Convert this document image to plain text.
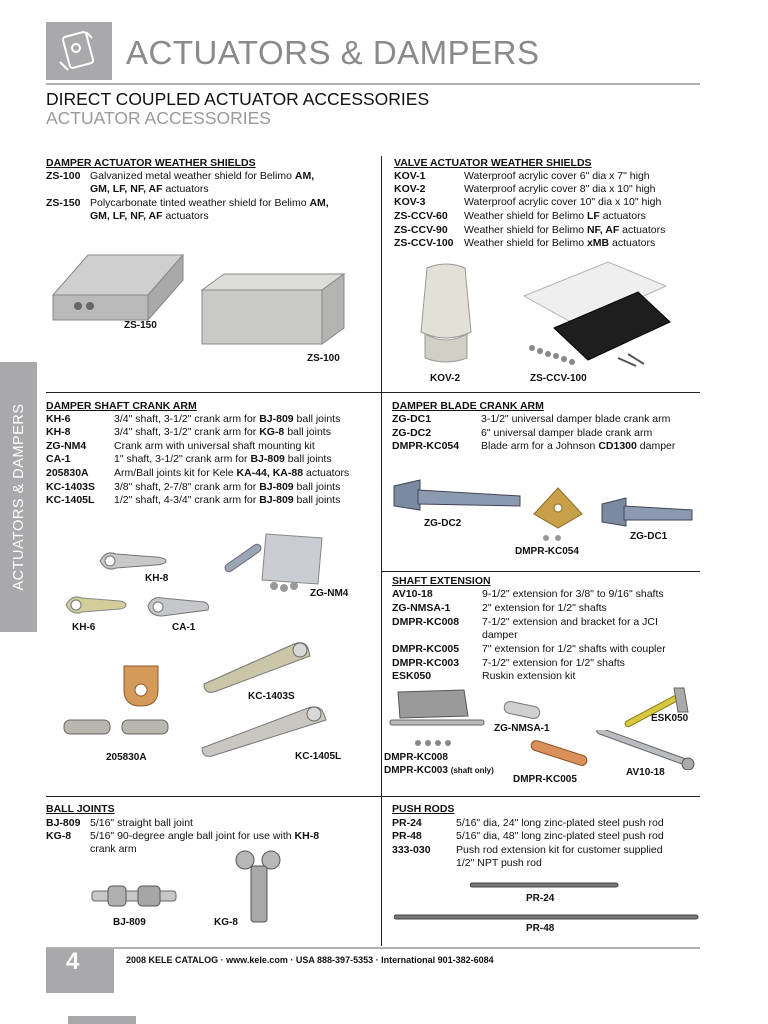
ACTUATORS & DAMPERS
DIRECT COUPLED ACTUATOR ACCESSORIES
ACTUATOR ACCESSORIES
ACTUATORS & DAMPERS
DAMPER ACTUATOR WEATHER SHIELDS
ZS-100 Galvanized metal weather shield for Belimo AM,
GM, LF, NF, AF actuators
ZS-150 Polycarbonate tinted weather shield for Belimo AM,
GM, LF, NF, AF actuators
ZS-150
ZS-100
VALVE ACTUATOR WEATHER SHIELDS
KOV-1	Waterproof acrylic cover 6" dia x 7" high
KOV-2	Waterproof acrylic cover 8" dia x 10" high
KOV-3	Waterproof acrylic cover 10" dia x 10" high
ZS-CCV-60 Weather shield for Belimo LF actuators
ZS-CCV-90 Weather shield for Belimo NF, AF actuators
ZS-CCV-100 Weather shield for Belimo xMB actuators
KOV-2	ZS-CCV-100
DAMPER SHAFT CRANK ARM
KH-6	3/4" shaft, 3-1/2" crank arm for BJ-809 ball joints
KH-8	3/4" shaft, 3-1/2" crank arm for KG-8 ball joints
ZG-NM4	Crank arm with universal shaft mounting kit
CA-1	1" shaft, 3-1/2" crank arm for BJ-809 ball joints
205830A Arm/Ball joints kit for Kele KA-44, KA-88 actuators
KC-1403S 3/8" shaft, 2-7/8" crank arm for BJ-809 ball joints
KC-1405L 1/2" shaft, 4-3/4" crank arm for BJ-809 ball joints
KH-8
ZG-NM4
KH-6	CA-1
205830A
KC-1403S
KC-1405L
DAMPER BLADE CRANK ARM
ZG-DC1	3-1/2" universal damper blade crank arm
ZG-DC2	6" universal damper blade crank arm
DMPR-KC054 Blade arm for a Johnson CD1300 damper
ZG-DC2
DMPR-KC054
ZG-DC1
SHAFT EXTENSION
AV10-18	9-1/2" extension for 3/8" to 9/16" shafts
ZG-NMSA-1	2" extension for 1/2" shafts
DMPR-KC008 7-1/2" extension and bracket for a JCI
damper
DMPR-KC005 7" extension for 1/2" shafts with coupler
DMPR-KC003 7-1/2" extension for 1/2" shafts
ESK050	Ruskin extension kit
DMPR-KC008
DMPR-KC003 (shaft only)
ZG-NMSA-1
ESK050
DMPR-KC005
AV10-18
BALL JOINTS
BJ-809 5/16" straight ball joint
KG-8 5/16" 90-degree angle ball joint for use with KH-8
crank arm
BJ-809	KG-8
PUSH RODS
PR-24	5/16" dia, 24" long zinc-plated steel push rod
PR-48	5/16" dia, 48" long zinc-plated steel push rod
333-030 Push rod extension kit for customer supplied
1/2" NPT push rod
PR-24
PR-48
4	2008 KELE CATALOG · www.kele.com · USA 888-397-5353 · International 901-382-6084
